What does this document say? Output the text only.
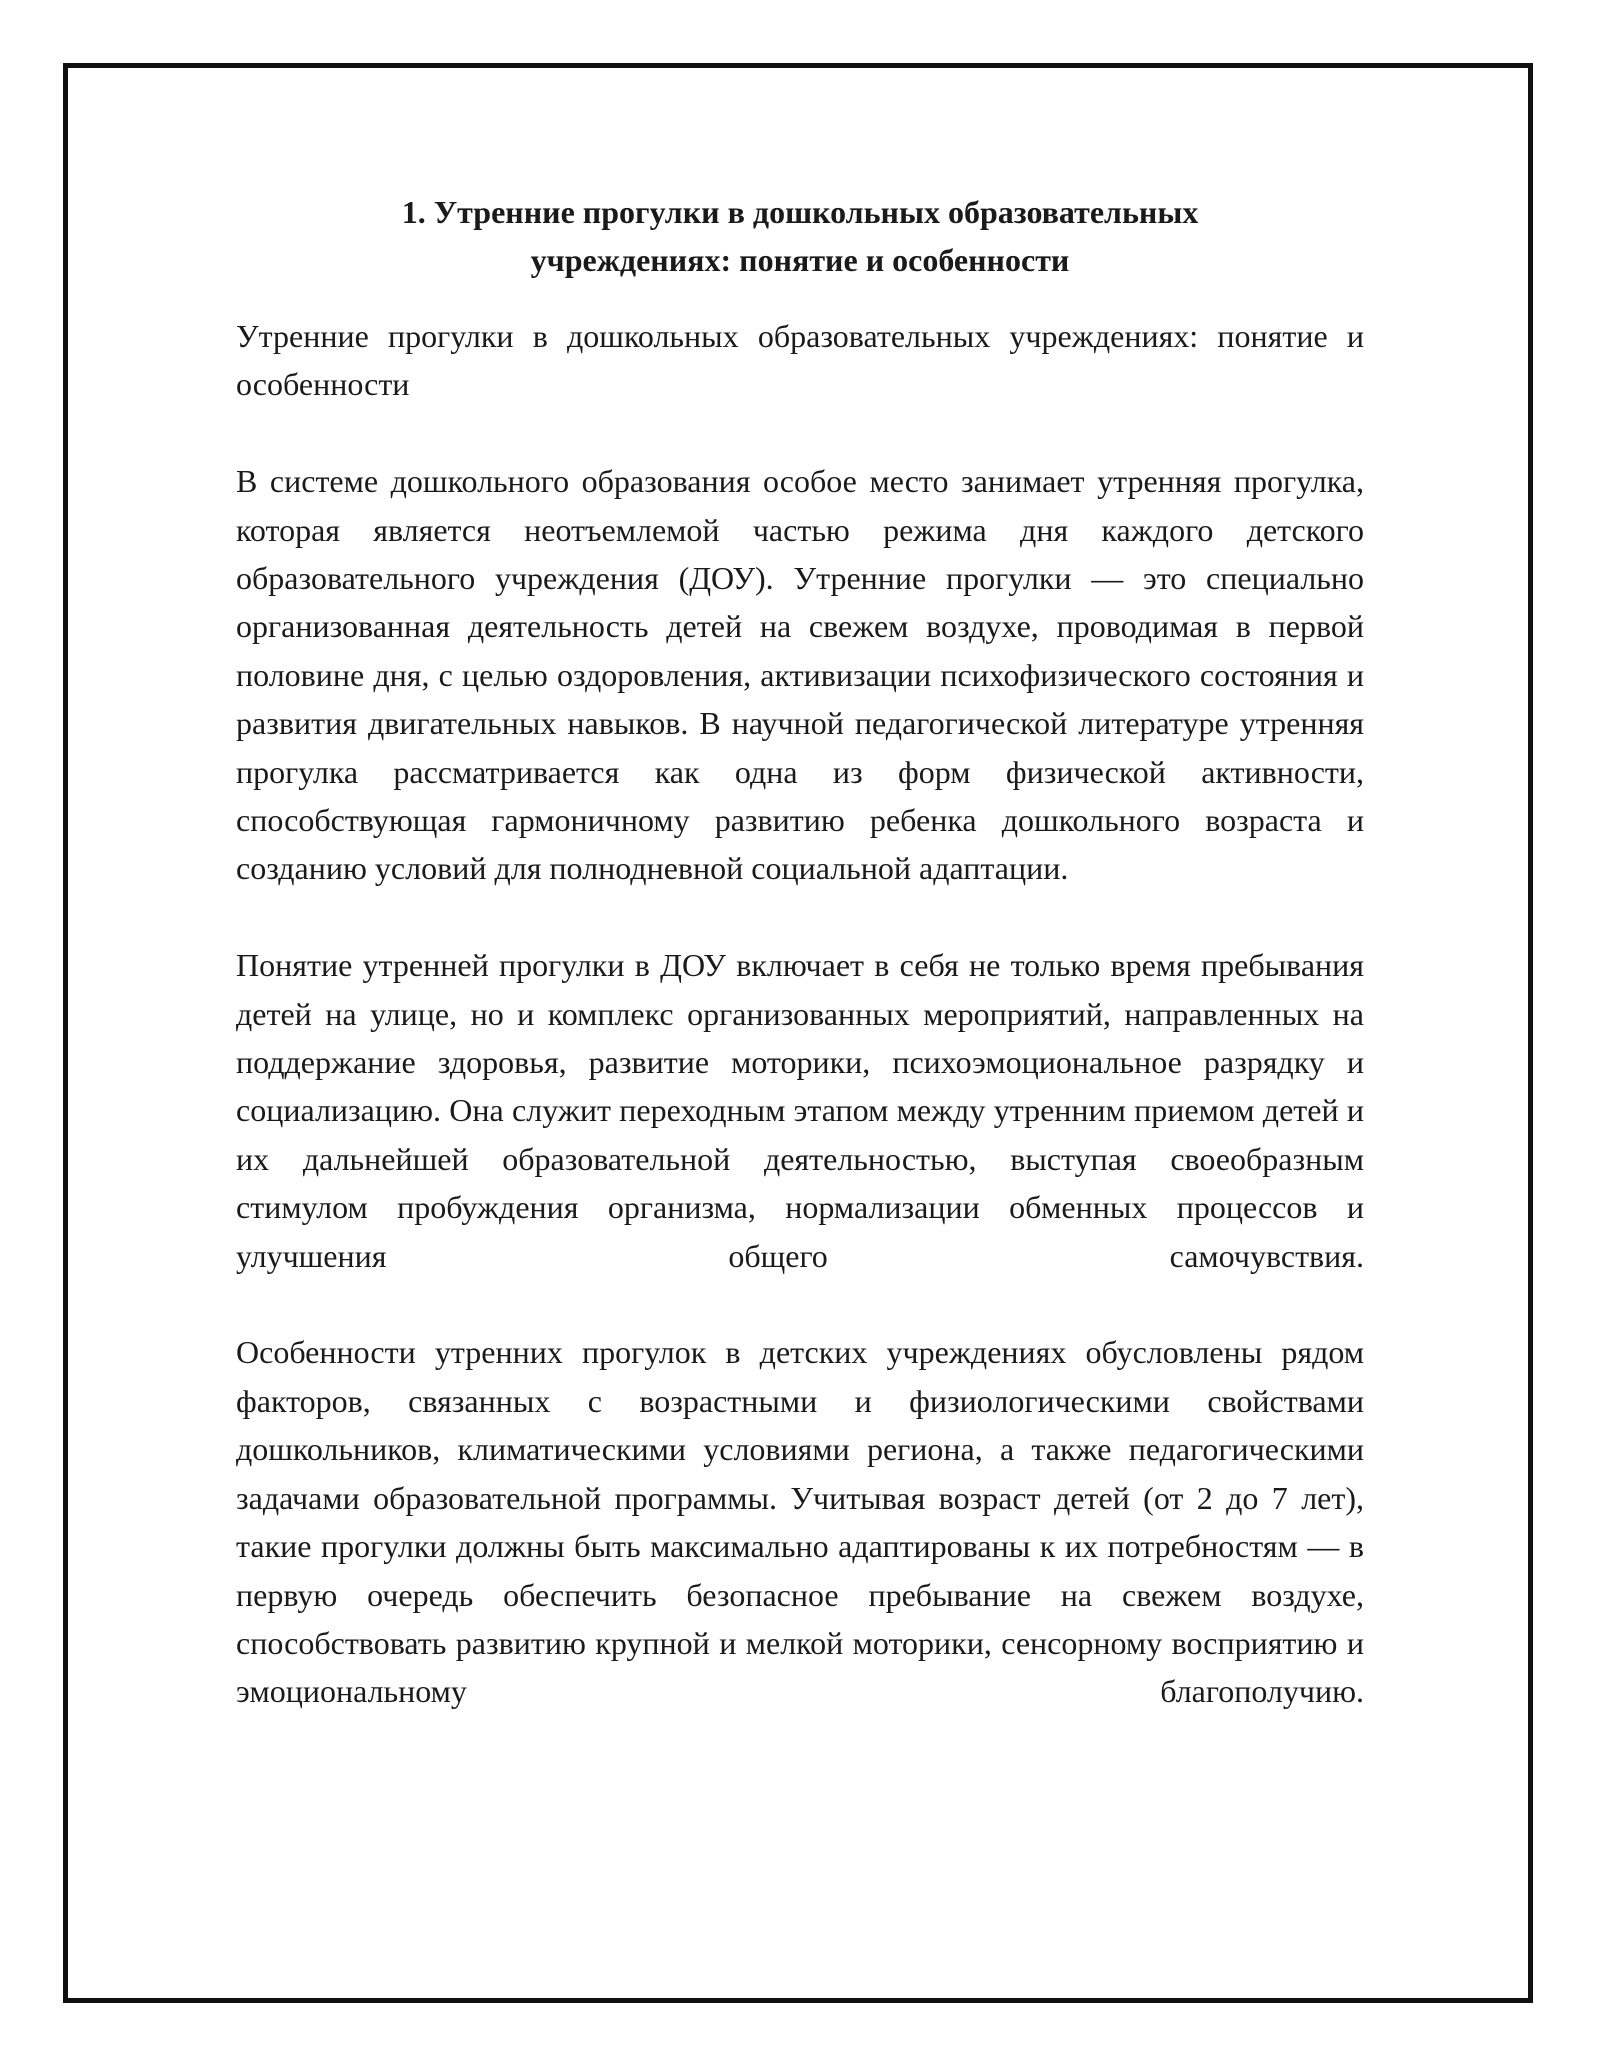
1. Утренние прогулки в дошкольных образовательных
учреждениях: понятие и особенности

Утренние прогулки в дошкольных образовательных учреждениях: понятие и особенности

В системе дошкольного образования особое место занимает утренняя прогулка, которая является неотъемлемой частью режима дня каждого детского образовательного учреждения (ДОУ). Утренние прогулки — это специально организованная деятельность детей на свежем воздухе, проводимая в первой половине дня, с целью оздоровления, активизации психофизического состояния и развития двигательных навыков. В научной педагогической литературе утренняя прогулка рассматривается как одна из форм физической активности, способствующая гармоничному развитию ребенка дошкольного возраста и созданию условий для полнодневной социальной адаптации.

Понятие утренней прогулки в ДОУ включает в себя не только время пребывания детей на улице, но и комплекс организованных мероприятий, направленных на поддержание здоровья, развитие моторики, психоэмоциональное разрядку и социализацию. Она служит переходным этапом между утренним приемом детей и их дальнейшей образовательной деятельностью, выступая своеобразным стимулом пробуждения организма, нормализации обменных процессов и улучшения общего самочувствия.

Особенности утренних прогулок в детских учреждениях обусловлены рядом факторов, связанных с возрастными и физиологическими свойствами дошкольников, климатическими условиями региона, а также педагогическими задачами образовательной программы. Учитывая возраст детей (от 2 до 7 лет), такие прогулки должны быть максимально адаптированы к их потребностям — в первую очередь обеспечить безопасное пребывание на свежем воздухе, способствовать развитию крупной и мелкой моторики, сенсорному восприятию и эмоциональному благополучию.
